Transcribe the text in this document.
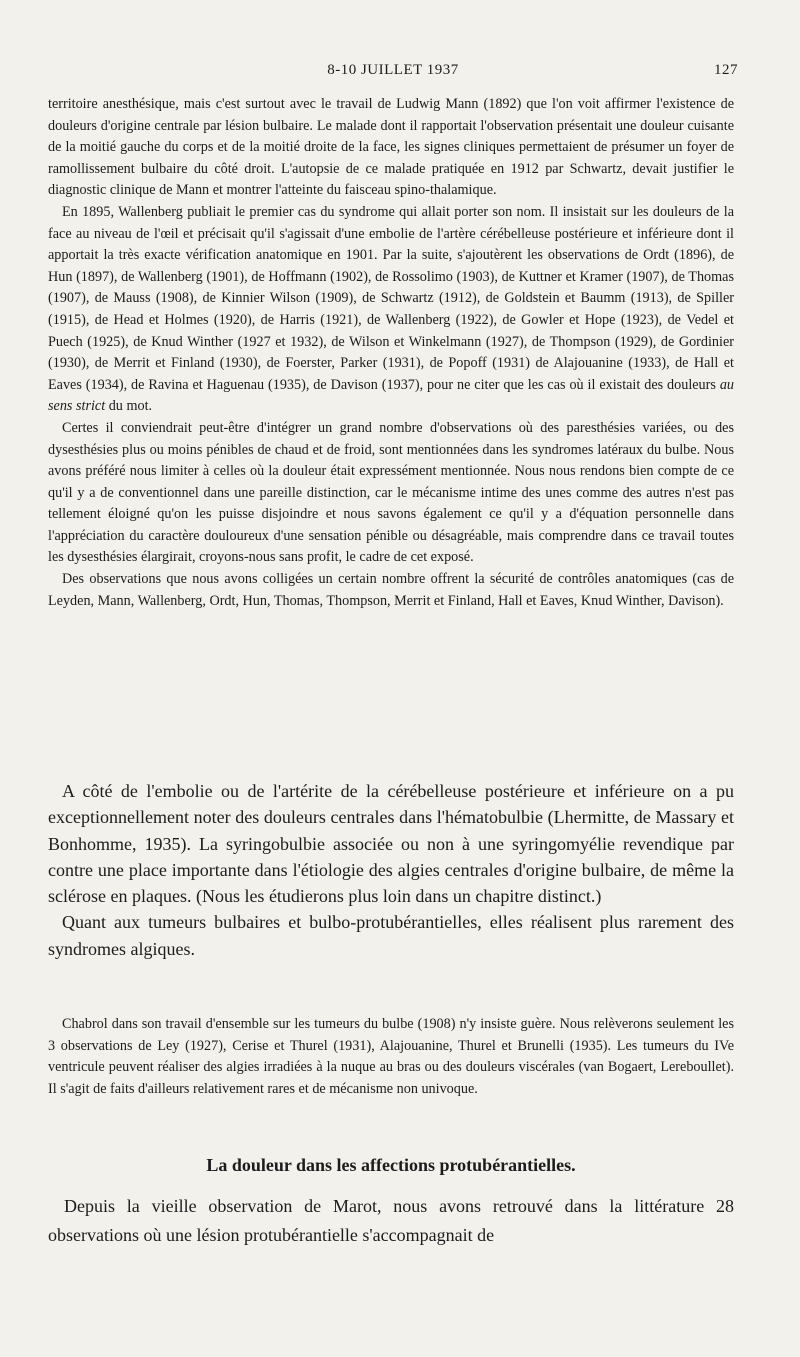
8-10 JUILLET 1937	127

territoire anesthésique, mais c'est surtout avec le travail de Ludwig Mann (1892) que l'on voit affirmer l'existence de douleurs d'origine centrale par lésion bulbaire. Le malade dont il rapportait l'observation présentait une douleur cuisante de la moitié gauche du corps et de la moitié droite de la face, les signes cliniques permettaient de présumer un foyer de ramollissement bulbaire du côté droit. L'autopsie de ce malade pratiquée en 1912 par Schwartz, devait justifier le diagnostic clinique de Mann et montrer l'atteinte du faisceau spino-thalamique.

En 1895, Wallenberg publiait le premier cas du syndrome qui allait porter son nom. Il insistait sur les douleurs de la face au niveau de l'œil et précisait qu'il s'agissait d'une embolie de l'artère cérébelleuse postérieure et inférieure dont il apportait la très exacte vérification anatomique en 1901. Par la suite, s'ajoutèrent les observations de Ordt (1896), de Hun (1897), de Wallenberg (1901), de Hoffmann (1902), de Rossolimo (1903), de Kuttner et Kramer (1907), de Thomas (1907), de Mauss (1908), de Kinnier Wilson (1909), de Schwartz (1912), de Goldstein et Baumm (1913), de Spiller (1915), de Head et Holmes (1920), de Harris (1921), de Wallenberg (1922), de Gowler et Hope (1923), de Vedel et Puech (1925), de Knud Winther (1927 et 1932), de Wilson et Winkelmann (1927), de Thompson (1929), de Gordinier (1930), de Merrit et Finland (1930), de Foerster, Parker (1931), de Popoff (1931) de Alajouanine (1933), de Hall et Eaves (1934), de Ravina et Haguenau (1935), de Davison (1937), pour ne citer que les cas où il existait des douleurs au sens strict du mot.

Certes il conviendrait peut-être d'intégrer un grand nombre d'observations où des paresthésies variées, ou des dysesthésies plus ou moins pénibles de chaud et de froid, sont mentionnées dans les syndromes latéraux du bulbe. Nous avons préféré nous limiter à celles où la douleur était expressément mentionnée. Nous nous rendons bien compte de ce qu'il y a de conventionnel dans une pareille distinction, car le mécanisme intime des unes comme des autres n'est pas tellement éloigné qu'on les puisse disjoindre et nous savons également ce qu'il y a d'équation personnelle dans l'appréciation du caractère douloureux d'une sensation pénible ou désagréable, mais comprendre dans ce travail toutes les dysesthésies élargirait, croyons-nous sans profit, le cadre de cet exposé.

Des observations que nous avons colligées un certain nombre offrent la sécurité de contrôles anatomiques (cas de Leyden, Mann, Wallenberg, Ordt, Hun, Thomas, Thompson, Merrit et Finland, Hall et Eaves, Knud Winther, Davison).

A côté de l'embolie ou de l'artérite de la cérébelleuse postérieure et inférieure on a pu exceptionnellement noter des douleurs centrales dans l'hématobulbie (Lhermitte, de Massary et Bonhomme, 1935). La syringobulbie associée ou non à une syringomyélie revendique par contre une place importante dans l'étiologie des algies centrales d'origine bulbaire, de même la sclérose en plaques. (Nous les étudierons plus loin dans un chapitre distinct.)

Quant aux tumeurs bulbaires et bulbo-protubérantielles, elles réalisent plus rarement des syndromes algiques.

Chabrol dans son travail d'ensemble sur les tumeurs du bulbe (1908) n'y insiste guère. Nous relèverons seulement les 3 observations de Ley (1927), Cerise et Thurel (1931), Alajouanine, Thurel et Brunelli (1935). Les tumeurs du IVe ventricule peuvent réaliser des algies irradiées à la nuque au bras ou des douleurs viscérales (van Bogaert, Lereboullet). Il s'agit de faits d'ailleurs relativement rares et de mécanisme non univoque.

La douleur dans les affections protubérantielles.

Depuis la vieille observation de Marot, nous avons retrouvé dans la littérature 28 observations où une lésion protubérantielle s'accompagnait de
